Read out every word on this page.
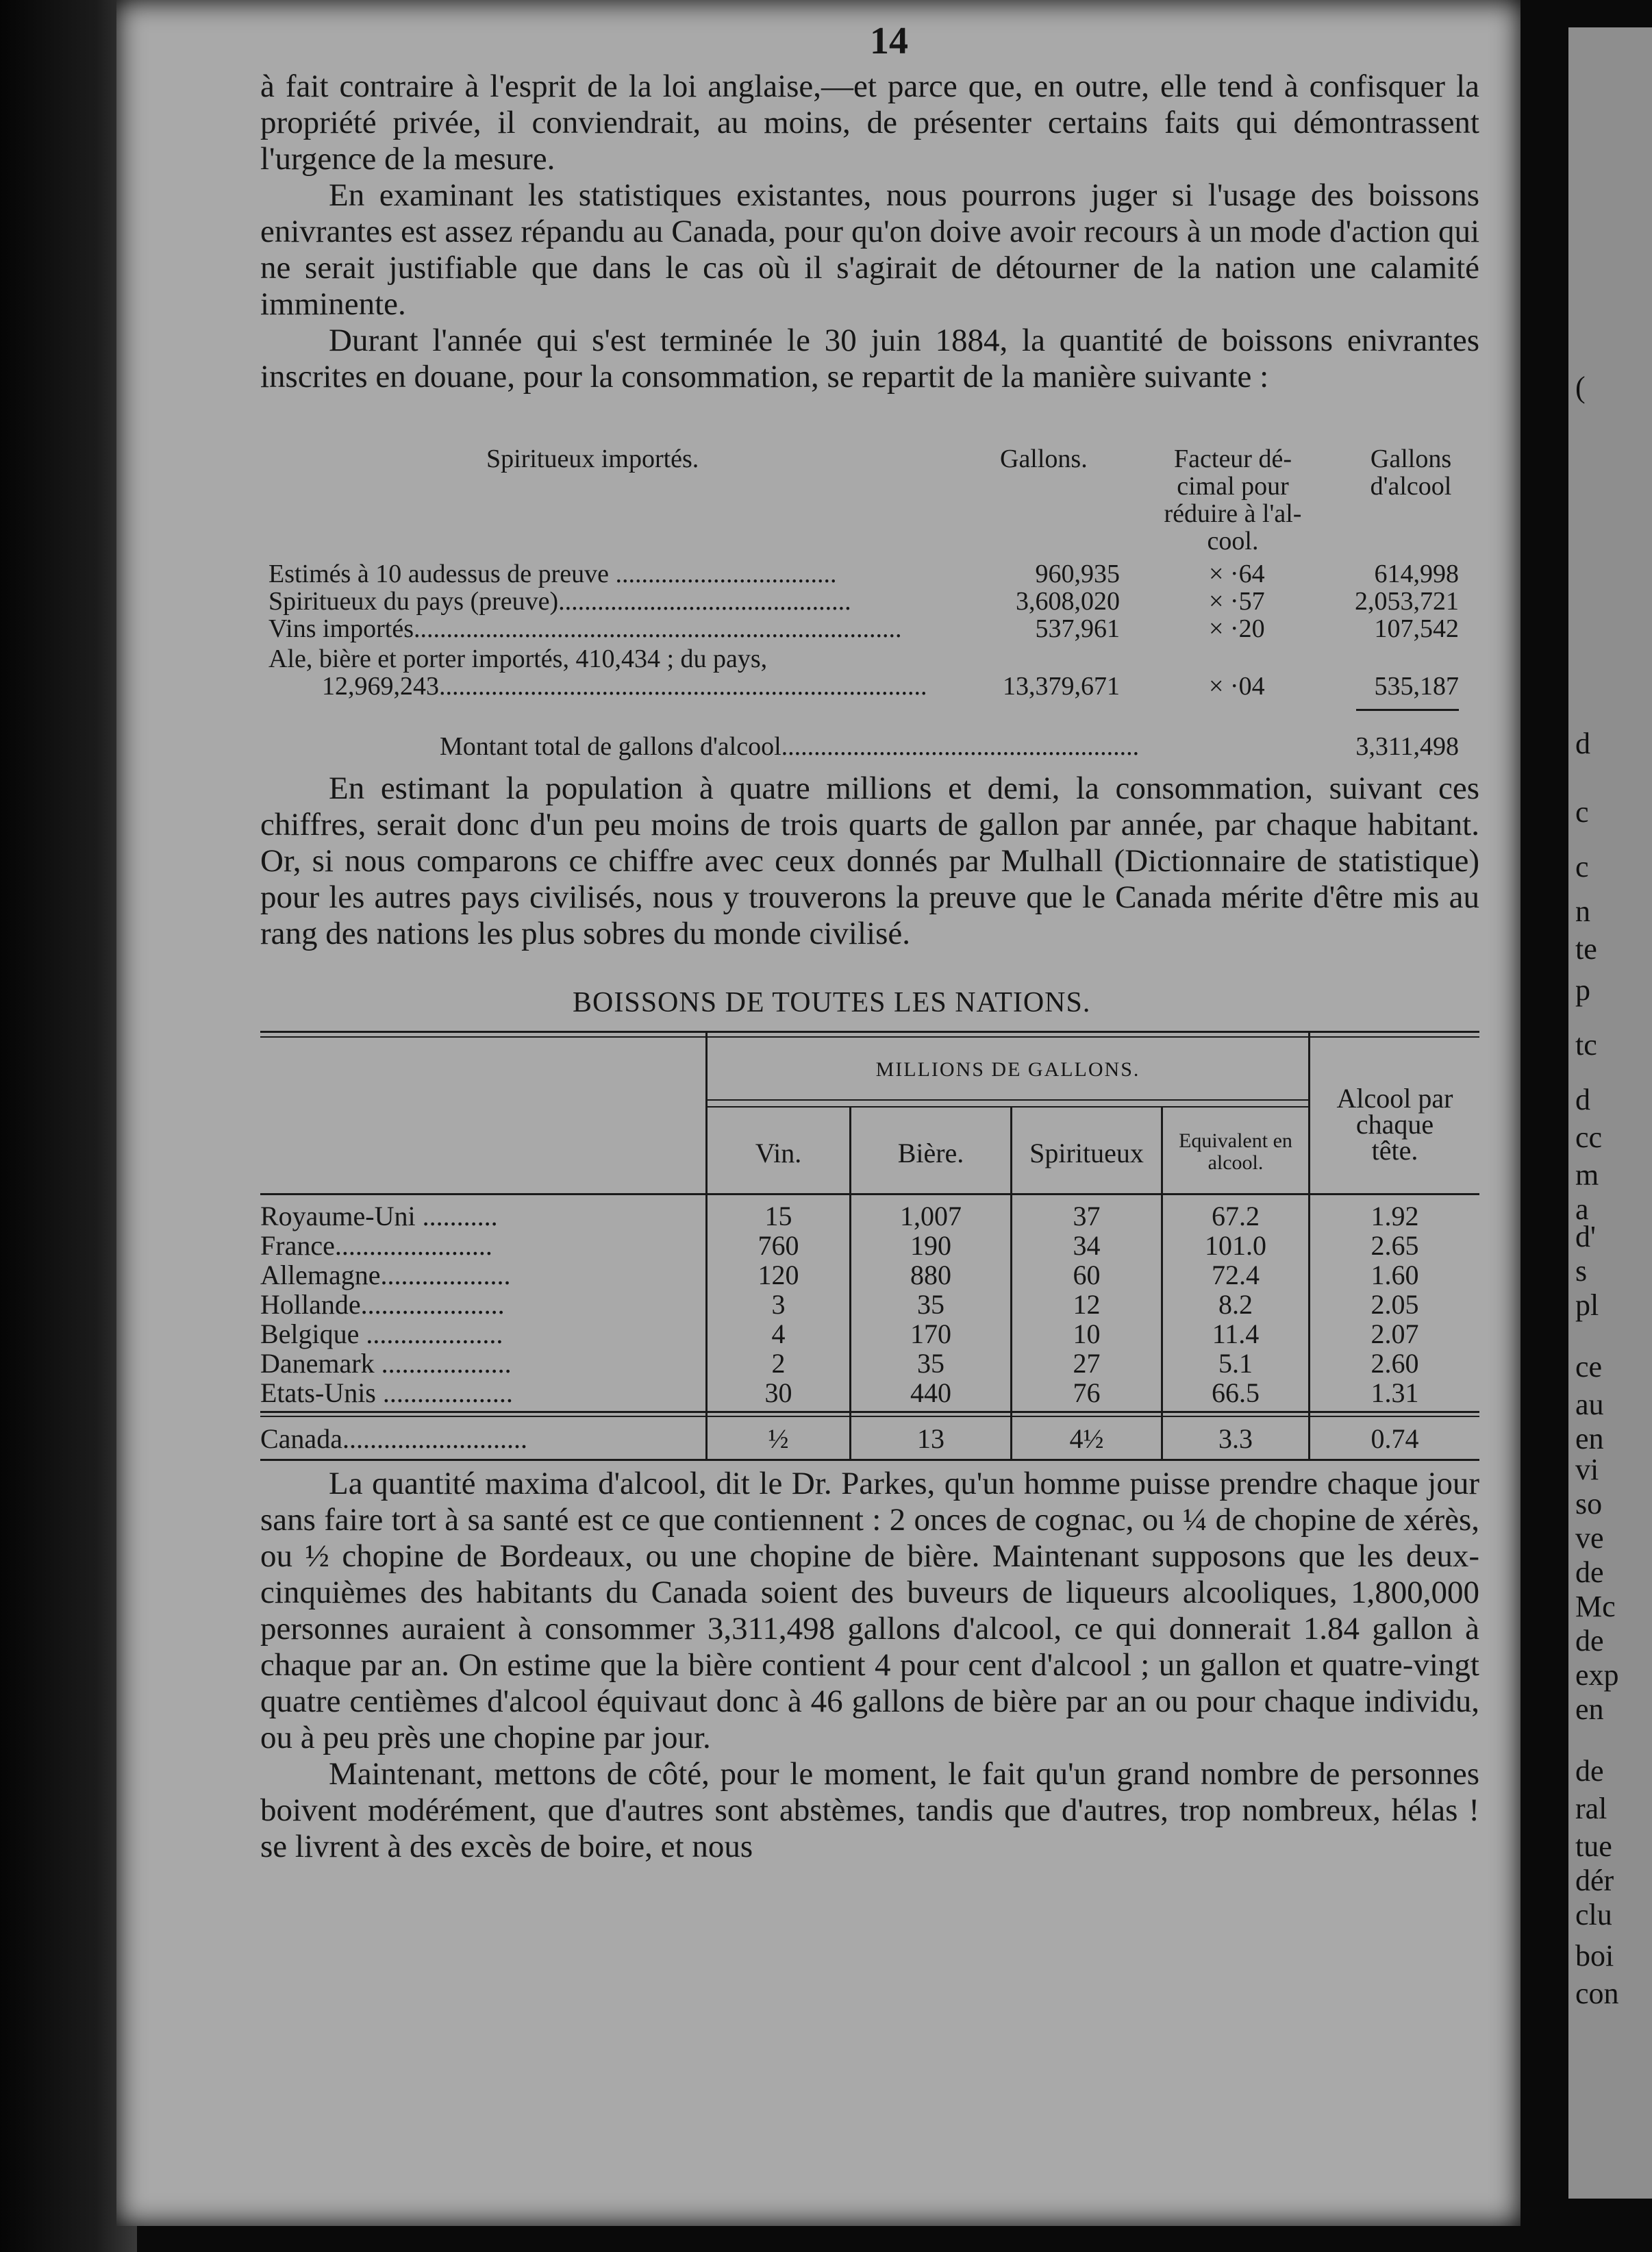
(
d
c
c
n
te
p
tc
d
cc
m
a
d'
s
pl
ce
au
en
vi
so
ve
de
Mc
de
exp
en
de
ral
tue
dér
clu
boi
con
14

à fait contraire à l'esprit de la loi anglaise,—et parce que, en outre, elle tend à confisquer la propriété privée, il conviendrait, au moins, de présenter certains faits qui démontrassent l'urgence de la mesure.

En examinant les statistiques existantes, nous pourrons juger si l'usage des boissons enivrantes est assez répandu au Canada, pour qu'on doive avoir recours à un mode d'action qui ne serait justifiable que dans le cas où il s'agirait de détourner de la nation une calamité imminente.

Durant l'année qui s'est terminée le 30 juin 1884, la quantité de boissons enivrantes inscrites en douane, pour la consommation, se repartit de la manière suivante :

Spiritueux importés.	Gallons.	Facteur dé-
cimal pour
réduire à l'al-
cool.
Gallons
d'alcool
Estimés à 10 audessus de preuve ..................................	960,935	× ·64	614,998
Spiritueux du pays (preuve).............................................	3,608,020	× ·57	2,053,721
Vins importés...........................................................................	537,961	× ·20	107,542
Ale, bière et porter importés, 410,434 ; du pays,
12,969,243...........................................................................	13,379,671	× ·04	535,187
Montant total de gallons d'alcool.......................................................	3,311,498

En estimant la population à quatre millions et demi, la consommation, suivant ces chiffres, serait donc d'un peu moins de trois quarts de gallon par année, par chaque habitant. Or, si nous comparons ce chiffre avec ceux donnés par Mulhall (Dictionnaire de statistique) pour les autres pays civilisés, nous y trouverons la preuve que le Canada mérite d'être mis au rang des nations les plus sobres du monde civilisé.

BOISSONS DE TOUTES LES NATIONS.
MILLIONS DE GALLONS.
Alcool par
chaque
tête.
Vin.	Bière.	Spiritueux	Equivalent en alcool.
Royaume-Uni ...........	15	1,007	37	67.2	1.92
France.......................	760	190	34	101.0	2.65
Allemagne...................	120	880	60	72.4	1.60
Hollande.....................	3	35	12	8.2	2.05
Belgique ....................	4	170	10	11.4	2.07
Danemark ...................	2	35	27	5.1	2.60
Etats-Unis ...................	30	440	76	66.5	1.31
Canada...........................	½	13	4½	3.3	0.74

La quantité maxima d'alcool, dit le Dr. Parkes, qu'un homme puisse prendre chaque jour sans faire tort à sa santé est ce que contiennent : 2 onces de cognac, ou ¼ de chopine de xérès, ou ½ chopine de Bordeaux, ou une chopine de bière. Maintenant supposons que les deux-cinquièmes des habitants du Canada soient des buveurs de liqueurs alcooliques, 1,800,000 personnes auraient à consommer 3,311,498 gallons d'alcool, ce qui donnerait 1.84 gallon à chaque par an. On estime que la bière contient 4 pour cent d'alcool ; un gallon et quatre-vingt quatre centièmes d'alcool équivaut donc à 46 gallons de bière par an ou pour chaque individu, ou à peu près une chopine par jour.

Maintenant, mettons de côté, pour le moment, le fait qu'un grand nombre de personnes boivent modérément, que d'autres sont abstèmes, tandis que d'autres, trop nombreux, hélas ! se livrent à des excès de boire, et nous
